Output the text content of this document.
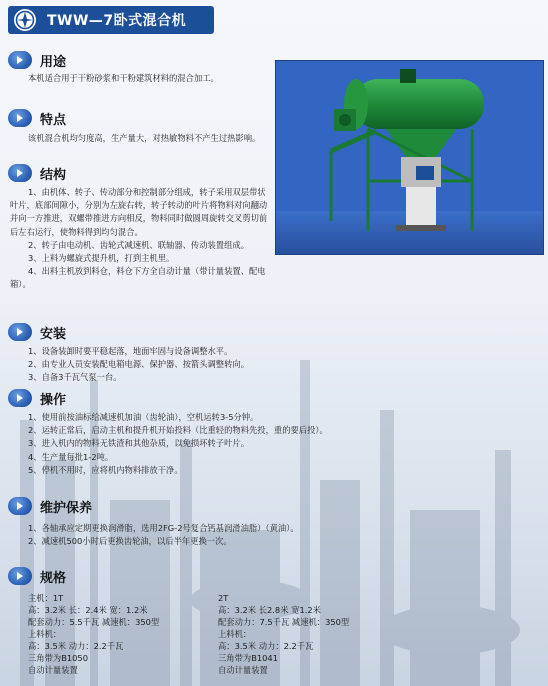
TWW—7卧式混合机
用途

本机适合用于干粉砂浆和干粉建筑材料的混合加工。

特点

该机混合机均匀度高，生产量大，对热敏物料不产生过热影响。

结构

1、由机体、转子、传动部分和控制部分组成，转子采用双层带状叶片，底部间隙小，分别为左旋右转，转子转动的叶片将物料对向翻动并向一方推进，双螺带推进方向相反，物料同时做圆周旋转交叉剪切前后左右运行，使物料得到均匀混合。

2、转子由电动机、齿轮式减速机、联轴器、传动装置组成。

3、上料为螺旋式提升机，打到主机里。

4、出料主机放到料仓，料仓下方全自动计量（带计量装置、配电箱）。

安装

1、设备装卸时要平稳起落，地面牢固与设备调整水平。

2、由专业人员安装配电箱电源、保护器、按箭头调整转向。

3、自备3千瓦气泵一台。

操作

1、使用前按油标给减速机加油（齿轮油），空机运转3-5分钟。

2、运转正常后，启动主机和提升机开始投料（比重轻的物料先投，重的要后投）。

3、进入机内的物料无铁渣和其他杂质，以免损坏转子叶片。

4、生产量每批1-2吨。

5、停机不用时，应将机内物料排放干净。

维护保养

1、各轴承应定期更换润滑脂，选用2FG-2号复合钙基润滑油脂）（黄油）。

2、减速机500小时后更换齿轮油，以后半年更换一次。

规格

主机：1T

高：3.2米 长：2.4米 宽：1.2米

配套动力：5.5千瓦 减速机：350型

上料机：

高：3.5米 动力：2.2千瓦

三角带为B1050

自动计量装置

2T

高：3.2米 长2.8米 宽1.2米

配套动力：7.5千瓦 减速机：350型

上料机：

高：3.5米 动力：2.2千瓦

三角带为B1041

自动计量装置
